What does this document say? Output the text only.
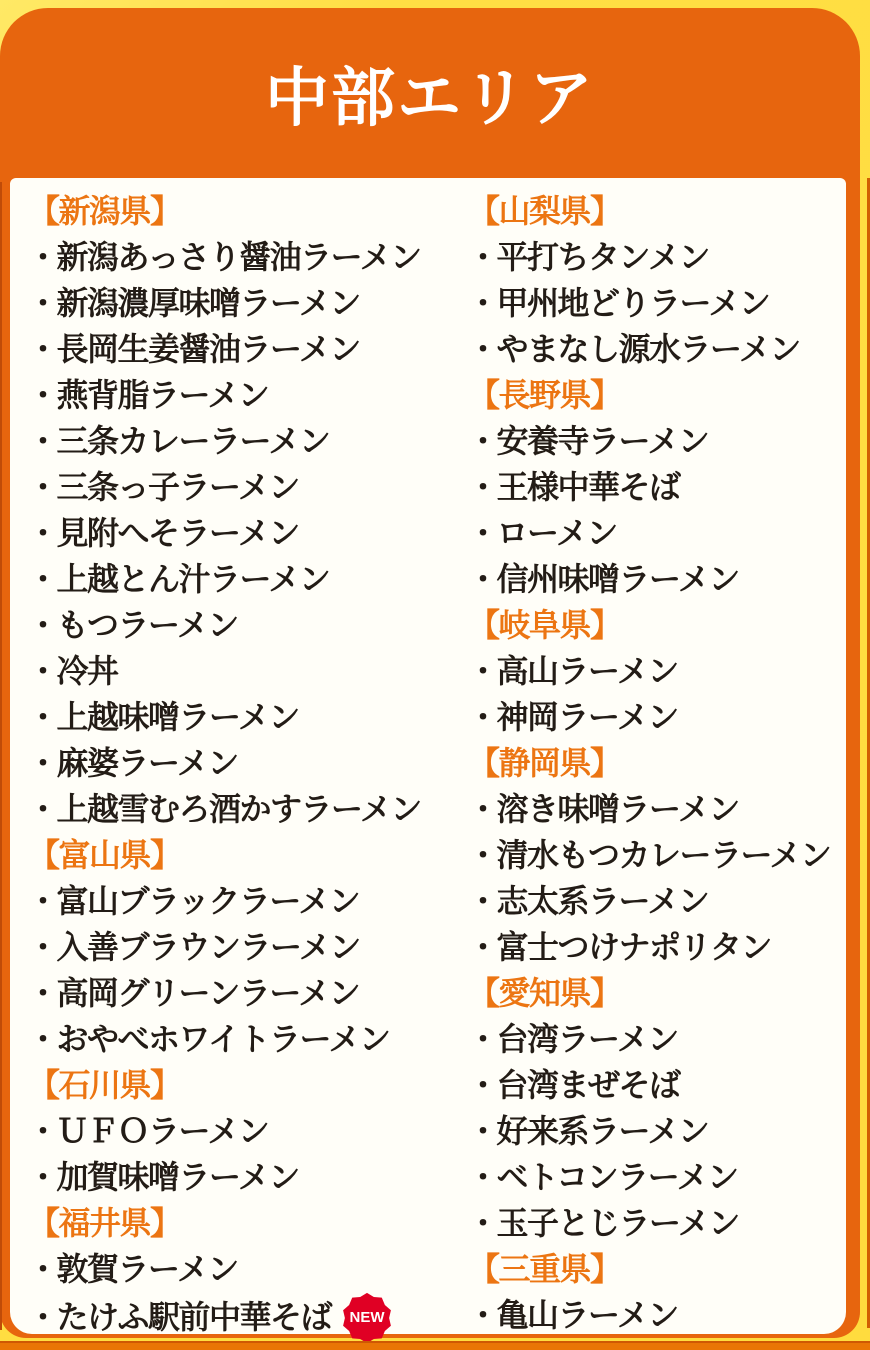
中部エリア
【新潟県】
・新潟あっさり醤油ラーメン
・新潟濃厚味噌ラーメン
・長岡生姜醤油ラーメン
・燕背脂ラーメン
・三条カレーラーメン
・三条っ子ラーメン
・見附へそラーメン
・上越とん汁ラーメン
・もつラーメン
・冷丼
・上越味噌ラーメン
・麻婆ラーメン
・上越雪むろ酒かすラーメン
【富山県】
・富山ブラックラーメン
・入善ブラウンラーメン
・高岡グリーンラーメン
・おやべホワイトラーメン
【石川県】
・ＵＦＯラーメン
・加賀味噌ラーメン
【福井県】
・敦賀ラーメン
・たけふ駅前中華そば	NEW
【山梨県】
・平打ちタンメン
・甲州地どりラーメン
・やまなし源水ラーメン
【長野県】
・安養寺ラーメン
・王様中華そば
・ローメン
・信州味噌ラーメン
【岐阜県】
・高山ラーメン
・神岡ラーメン
【静岡県】
・溶き味噌ラーメン
・清水もつカレーラーメン
・志太系ラーメン
・富士つけナポリタン
【愛知県】
・台湾ラーメン
・台湾まぜそば
・好来系ラーメン
・ベトコンラーメン
・玉子とじラーメン
【三重県】
・亀山ラーメン
